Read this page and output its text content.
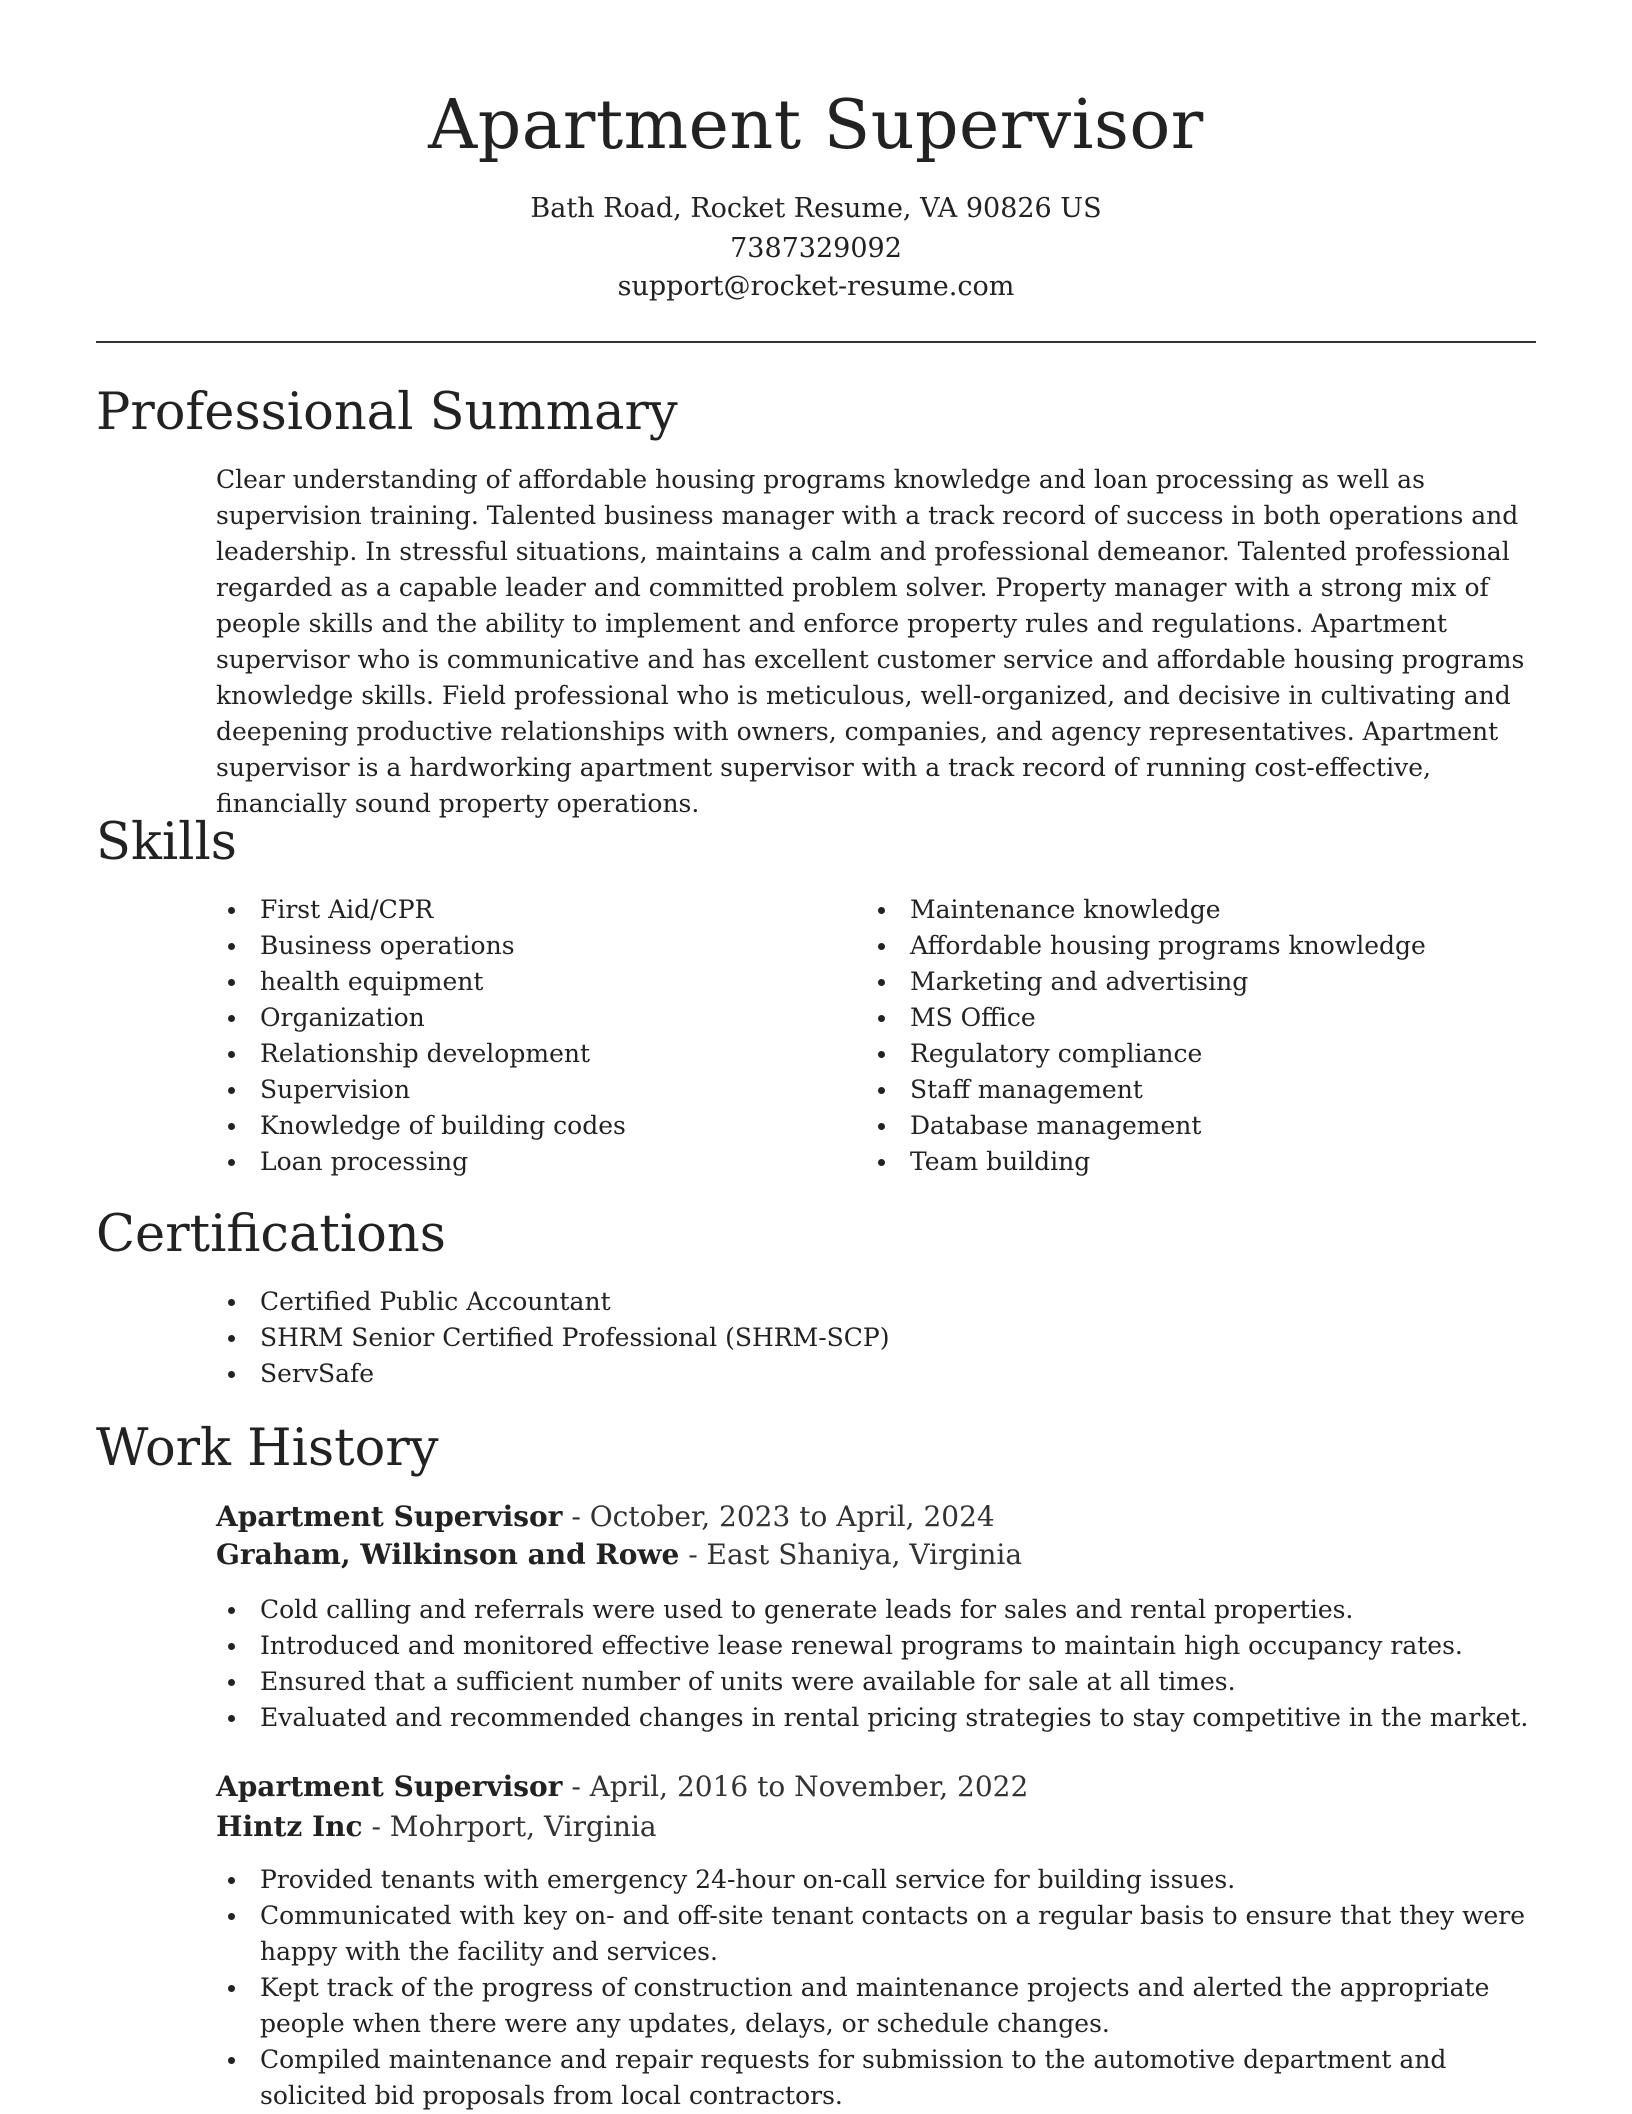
Apartment Supervisor
Bath Road, Rocket Resume, VA 90826 US
7387329092
support@rocket-resume.com
Professional Summary

Clear understanding of affordable housing programs knowledge and loan processing as well as supervision training. Talented business manager with a track record of success in both operations and leadership. In stressful situations, maintains a calm and professional demeanor. Talented professional regarded as a capable leader and committed problem solver. Property manager with a strong mix of people skills and the ability to implement and enforce property rules and regulations. Apartment supervisor who is communicative and has excellent customer service and affordable housing programs knowledge skills. Field professional who is meticulous, well-organized, and decisive in cultivating and deepening productive relationships with owners, companies, and agency representatives. Apartment supervisor is a hardworking apartment supervisor with a track record of running cost-effective, financially sound property operations.

Skills
First Aid/CPR
Business operations
health equipment
Organization
Relationship development
Supervision
Knowledge of building codes
Loan processing
Maintenance knowledge
Affordable housing programs knowledge
Marketing and advertising
MS Office
Regulatory compliance
Staff management
Database management
Team building
Certifications
Certified Public Accountant
SHRM Senior Certified Professional (SHRM-SCP)
ServSafe
Work History
Apartment Supervisor - October, 2023 to April, 2024
Graham, Wilkinson and Rowe - East Shaniya, Virginia
Cold calling and referrals were used to generate leads for sales and rental properties.
Introduced and monitored effective lease renewal programs to maintain high occupancy rates.
Ensured that a sufficient number of units were available for sale at all times.
Evaluated and recommended changes in rental pricing strategies to stay competitive in the market.
Apartment Supervisor - April, 2016 to November, 2022
Hintz Inc - Mohrport, Virginia
Provided tenants with emergency 24-hour on-call service for building issues.
Communicated with key on- and off-site tenant contacts on a regular basis to ensure that they were happy with the facility and services.
Kept track of the progress of construction and maintenance projects and alerted the appropriate people when there were any updates, delays, or schedule changes.
Compiled maintenance and repair requests for submission to the automotive department and solicited bid proposals from local contractors.
